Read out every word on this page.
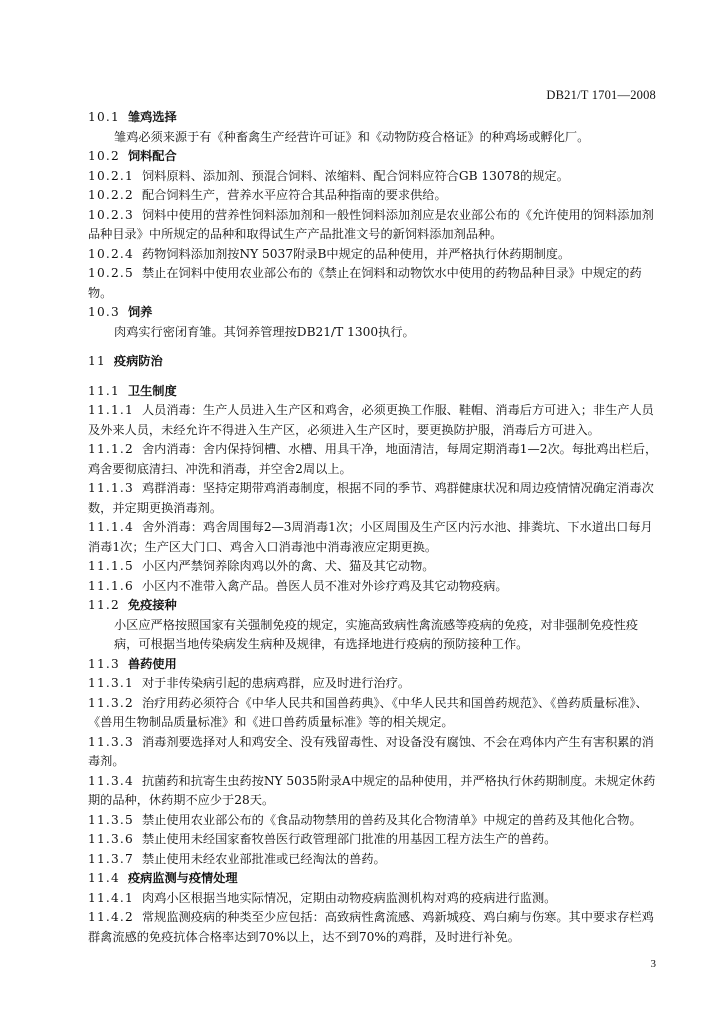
DB21/T 1701—2008
10.1 雏鸡选择
雏鸡必须来源于有《种畜禽生产经营许可证》和《动物防疫合格证》的种鸡场或孵化厂。
10.2 饲料配合
10.2.1 饲料原料、添加剂、预混合饲料、浓缩料、配合饲料应符合GB 13078的规定。
10.2.2 配合饲料生产，营养水平应符合其品种指南的要求供给。
10.2.3 饲料中使用的营养性饲料添加剂和一般性饲料添加剂应是农业部公布的《允许使用的饲料添加剂品种目录》中所规定的品种和取得试生产产品批准文号的新饲料添加剂品种。
10.2.4 药物饲料添加剂按NY 5037附录B中规定的品种使用，并严格执行休药期制度。
10.2.5 禁止在饲料中使用农业部公布的《禁止在饲料和动物饮水中使用的药物品种目录》中规定的药物。
10.3 饲养
肉鸡实行密闭育雏。其饲养管理按DB21/T 1300执行。
11 疫病防治
11.1 卫生制度
11.1.1 人员消毒：生产人员进入生产区和鸡舍，必须更换工作服、鞋帽、消毒后方可进入；非生产人员及外来人员，未经允许不得进入生产区，必须进入生产区时，要更换防护服，消毒后方可进入。
11.1.2 舍内消毒：舍内保持饲槽、水槽、用具干净，地面清洁，每周定期消毒1—2次。每批鸡出栏后，鸡舍要彻底清扫、冲洗和消毒，并空舍2周以上。
11.1.3 鸡群消毒：坚持定期带鸡消毒制度，根据不同的季节、鸡群健康状况和周边疫情情况确定消毒次数，并定期更换消毒剂。
11.1.4 舍外消毒：鸡舍周围每2—3周消毒1次；小区周围及生产区内污水池、排粪坑、下水道出口每月消毒1次；生产区大门口、鸡舍入口消毒池中消毒液应定期更换。
11.1.5 小区内严禁饲养除肉鸡以外的禽、犬、猫及其它动物。
11.1.6 小区内不准带入禽产品。兽医人员不准对外诊疗鸡及其它动物疫病。
11.2 免疫接种
小区应严格按照国家有关强制免疫的规定，实施高致病性禽流感等疫病的免疫，对非强制免疫性疫病，可根据当地传染病发生病种及规律，有选择地进行疫病的预防接种工作。
11.3 兽药使用
11.3.1 对于非传染病引起的患病鸡群，应及时进行治疗。
11.3.2 治疗用药必须符合《中华人民共和国兽药典》、《中华人民共和国兽药规范》、《兽药质量标准》、《兽用生物制品质量标准》和《进口兽药质量标准》等的相关规定。
11.3.3 消毒剂要选择对人和鸡安全、没有残留毒性、对设备没有腐蚀、不会在鸡体内产生有害积累的消毒剂。
11.3.4 抗菌药和抗寄生虫药按NY 5035附录A中规定的品种使用，并严格执行休药期制度。未规定休药期的品种，休药期不应少于28天。
11.3.5 禁止使用农业部公布的《食品动物禁用的兽药及其化合物清单》中规定的兽药及其他化合物。
11.3.6 禁止使用未经国家畜牧兽医行政管理部门批准的用基因工程方法生产的兽药。
11.3.7 禁止使用未经农业部批准或已经淘汰的兽药。
11.4 疫病监测与疫情处理
11.4.1 肉鸡小区根据当地实际情况，定期由动物疫病监测机构对鸡的疫病进行监测。
11.4.2 常规监测疫病的种类至少应包括：高致病性禽流感、鸡新城疫、鸡白痢与伤寒。其中要求存栏鸡群禽流感的免疫抗体合格率达到70%以上，达不到70%的鸡群，及时进行补免。
3
